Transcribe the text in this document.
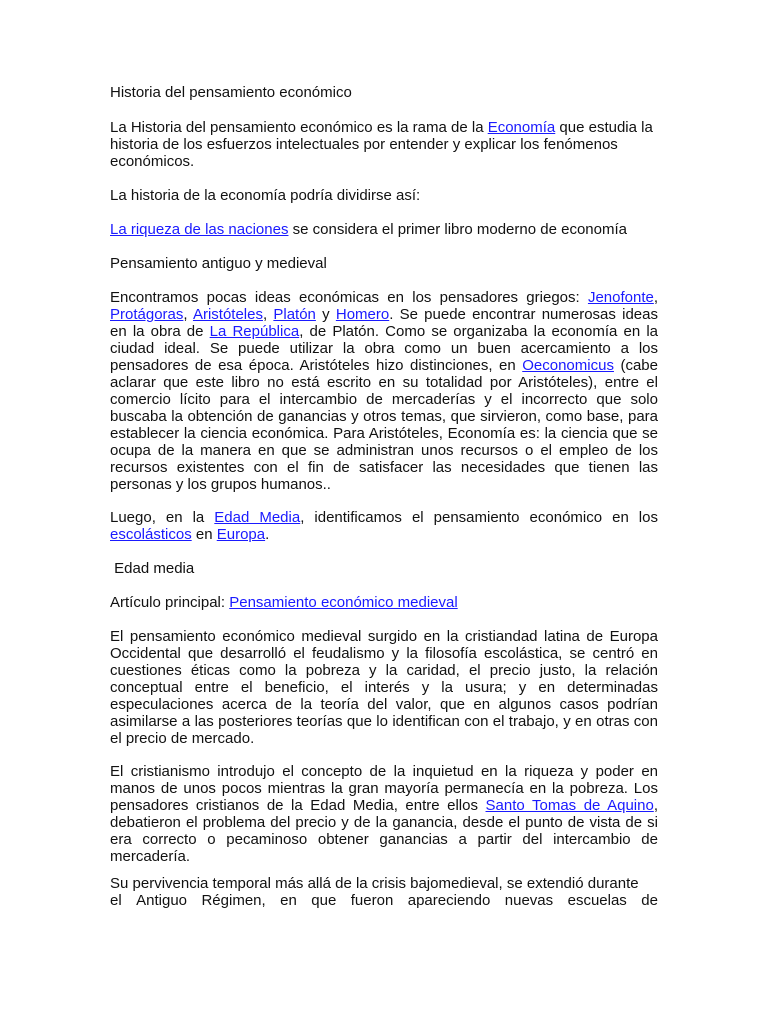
Historia del pensamiento económico

La Historia del pensamiento económico es la rama de la Economía que estudia la historia de los esfuerzos intelectuales por entender y explicar los fenómenos económicos.

La historia de la economía podría dividirse así:

La riqueza de las naciones se considera el primer libro moderno de economía

Pensamiento antiguo y medieval

Encontramos pocas ideas económicas en los pensadores griegos: Jenofonte, Protágoras, Aristóteles, Platón y Homero. Se puede encontrar numerosas ideas en la obra de La República, de Platón. Como se organizaba la economía en la ciudad ideal. Se puede utilizar la obra como un buen acercamiento a los pensadores de esa época. Aristóteles hizo distinciones, en Oeconomicus (cabe aclarar que este libro no está escrito en su totalidad por Aristóteles), entre el comercio lícito para el intercambio de mercaderías y el incorrecto que solo buscaba la obtención de ganancias y otros temas, que sirvieron, como base, para establecer la ciencia económica. Para Aristóteles, Economía es: la ciencia que se ocupa de la manera en que se administran unos recursos o el empleo de los recursos existentes con el fin de satisfacer las necesidades que tienen las personas y los grupos humanos..

Luego, en la Edad Media, identificamos el pensamiento económico en los escolásticos en Europa.

Edad media

Artículo principal: Pensamiento económico medieval

El pensamiento económico medieval surgido en la cristiandad latina de Europa Occidental que desarrolló el feudalismo y la filosofía escolástica, se centró en cuestiones éticas como la pobreza y la caridad, el precio justo, la relación conceptual entre el beneficio, el interés y la usura; y en determinadas especulaciones acerca de la teoría del valor, que en algunos casos podrían asimilarse a las posteriores teorías que lo identifican con el trabajo, y en otras con el precio de mercado.

El cristianismo introdujo el concepto de la inquietud en la riqueza y poder en manos de unos pocos mientras la gran mayoría permanecía en la pobreza. Los pensadores cristianos de la Edad Media, entre ellos Santo Tomas de Aquino, debatieron el problema del precio y de la ganancia, desde el punto de vista de si era correcto o pecaminoso obtener ganancias a partir del intercambio de mercadería.

Su pervivencia temporal más allá de la crisis bajomedieval, se extendió durante
el Antiguo Régimen, en que fueron apareciendo nuevas escuelas de
